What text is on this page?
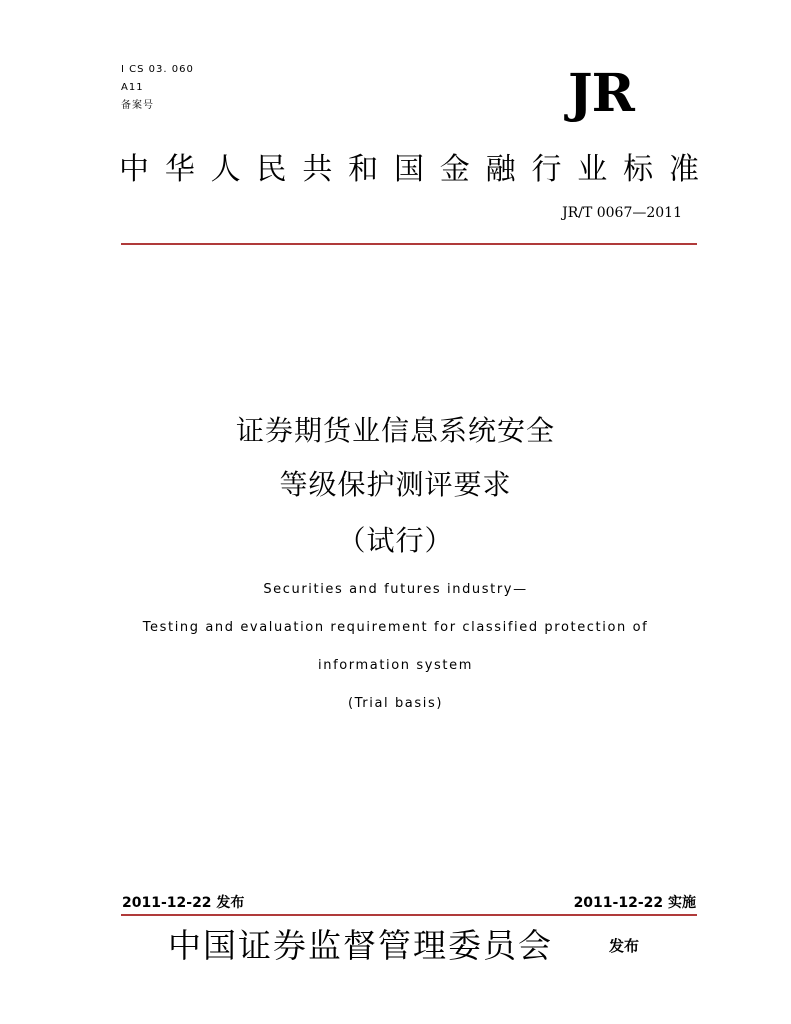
I CS 03. 060
A11
备案号	JR
中 华 人 民 共 和 国 金 融 行 业 标 准
JR/T 0067—2011
证券期货业信息系统安全
等级保护测评要求
（试行）
Securities and futures industry—
Testing and evaluation requirement for classified protection of
information system
(Trial basis)
2011-12-22 发布	2011-12-22 实施
中国证券监督管理委员会	发布
